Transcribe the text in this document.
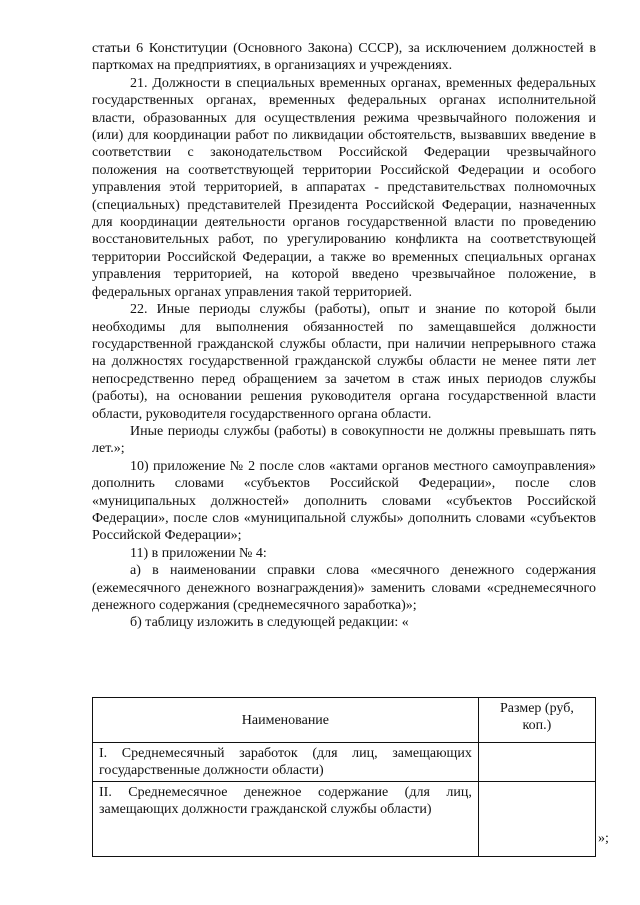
статьи 6 Конституции (Основного Закона) СССР), за исключением должностей в парткомах на предприятиях, в организациях и учреждениях.

21. Должности в специальных временных органах, временных федеральных государственных органах, временных федеральных органах исполнительной власти, образованных для осуществления режима чрезвычайного положения и (или) для координации работ по ликвидации обстоятельств, вызвавших введение в соответствии с законодательством Российской Федерации чрезвычайного положения на соответствующей территории Российской Федерации и особого управления этой территорией, в аппаратах - представительствах полномочных (специальных) представителей Президента Российской Федерации, назначенных для координации деятельности органов государственной власти по проведению восстановительных работ, по урегулированию конфликта на соответствующей территории Российской Федерации, а также во временных специальных органах управления территорией, на которой введено чрезвычайное положение, в федеральных органах управления такой территорией.

22. Иные периоды службы (работы), опыт и знание по которой были необходимы для выполнения обязанностей по замещавшейся должности государственной гражданской службы области, при наличии непрерывного стажа на должностях государственной гражданской службы области не менее пяти лет непосредственно перед обращением за зачетом в стаж иных периодов службы (работы), на основании решения руководителя органа государственной власти области, руководителя государственного органа области.

Иные периоды службы (работы) в совокупности не должны превышать пять лет.»;

10) приложение № 2 после слов «актами органов местного самоуправления» дополнить словами «субъектов Российской Федерации», после слов «муниципальных должностей» дополнить словами «субъектов Российской Федерации», после слов «муниципальной службы» дополнить словами «субъектов Российской Федерации»;

11) в приложении № 4:

а) в наименовании справки слова «месячного денежного содержания (ежемесячного денежного вознаграждения)» заменить словами «среднемесячного денежного содержания (среднемесячного заработка)»;

б) таблицу изложить в следующей редакции: «

Наименование	Размер (руб, коп.)
I. Среднемесячный заработок (для лиц, замещающих государственные должности области)	
II. Среднемесячное денежное содержание (для лиц, замещающих должности гражданской службы области)	
»;
